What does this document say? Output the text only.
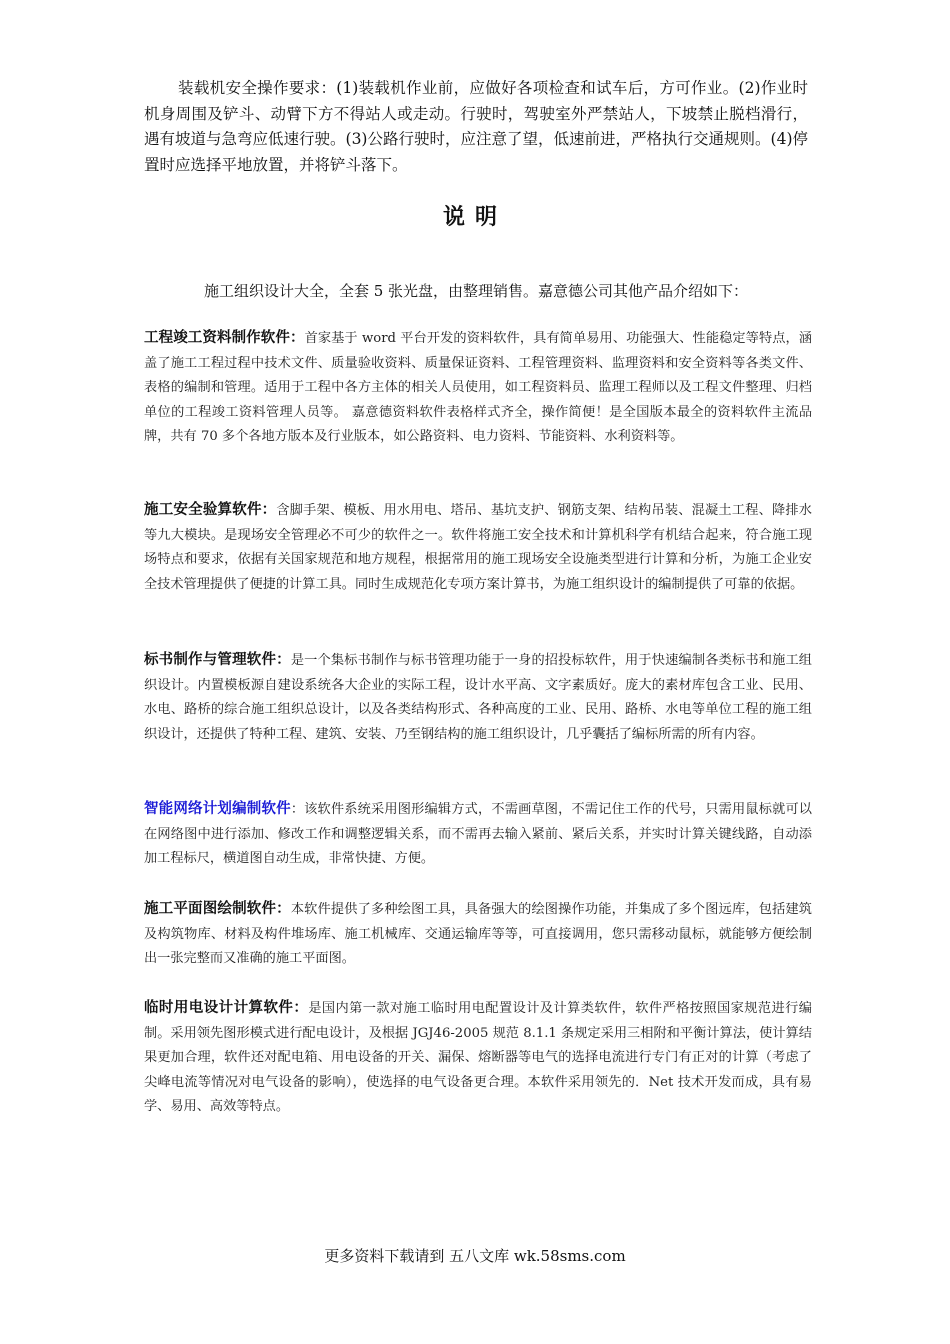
装载机安全操作要求：(1)装载机作业前，应做好各项检查和试车后，方可作业。(2)作业时机身周围及铲斗、动臂下方不得站人或走动。行驶时，驾驶室外严禁站人，下坡禁止脱档滑行，遇有坡道与急弯应低速行驶。(3)公路行驶时，应注意了望，低速前进，严格执行交通规则。(4)停置时应选择平地放置，并将铲斗落下。

说明

施工组织设计大全，全套 5 张光盘，由整理销售。嘉意德公司其他产品介绍如下：

工程竣工资料制作软件：首家基于 word 平台开发的资料软件，具有简单易用、功能强大、性能稳定等特点，涵盖了施工工程过程中技术文件、质量验收资料、质量保证资料、工程管理资料、监理资料和安全资料等各类文件、表格的编制和管理。适用于工程中各方主体的相关人员使用，如工程资料员、监理工程师以及工程文件整理、归档单位的工程竣工资料管理人员等。 嘉意德资料软件表格样式齐全，操作简便！是全国版本最全的资料软件主流品牌，共有 70 多个各地方版本及行业版本，如公路资料、电力资料、节能资料、水利资料等。

施工安全验算软件：含脚手架、模板、用水用电、塔吊、基坑支护、钢筋支架、结构吊装、混凝土工程、降排水等九大模块。是现场安全管理必不可少的软件之一。软件将施工安全技术和计算机科学有机结合起来，符合施工现场特点和要求，依据有关国家规范和地方规程，根据常用的施工现场安全设施类型进行计算和分析，为施工企业安全技术管理提供了便捷的计算工具。同时生成规范化专项方案计算书，为施工组织设计的编制提供了可靠的依据。

标书制作与管理软件：是一个集标书制作与标书管理功能于一身的招投标软件，用于快速编制各类标书和施工组织设计。内置模板源自建设系统各大企业的实际工程，设计水平高、文字素质好。庞大的素材库包含工业、民用、水电、路桥的综合施工组织总设计，以及各类结构形式、各种高度的工业、民用、路桥、水电等单位工程的施工组织设计，还提供了特种工程、建筑、安装、乃至钢结构的施工组织设计，几乎囊括了编标所需的所有内容。

智能网络计划编制软件：该软件系统采用图形编辑方式，不需画草图，不需记住工作的代号，只需用鼠标就可以在网络图中进行添加、修改工作和调整逻辑关系，而不需再去输入紧前、紧后关系，并实时计算关键线路，自动添加工程标尺，横道图自动生成，非常快捷、方便。

施工平面图绘制软件：本软件提供了多种绘图工具，具备强大的绘图操作功能，并集成了多个图远库，包括建筑及构筑物库、材料及构件堆场库、施工机械库、交通运输库等等，可直接调用，您只需移动鼠标，就能够方便绘制出一张完整而又准确的施工平面图。

临时用电设计计算软件：是国内第一款对施工临时用电配置设计及计算类软件，软件严格按照国家规范进行编制。采用领先图形模式进行配电设计，及根据 JGJ46-2005 规范 8.1.1 条规定采用三相附和平衡计算法，使计算结果更加合理，软件还对配电箱、用电设备的开关、漏保、熔断器等电气的选择电流进行专门有正对的计算（考虑了尖峰电流等情况对电气设备的影响），使选择的电气设备更合理。本软件采用领先的．Net 技术开发而成，具有易学、易用、高效等特点。

更多资料下载请到 五八文库 wk.58sms.com
